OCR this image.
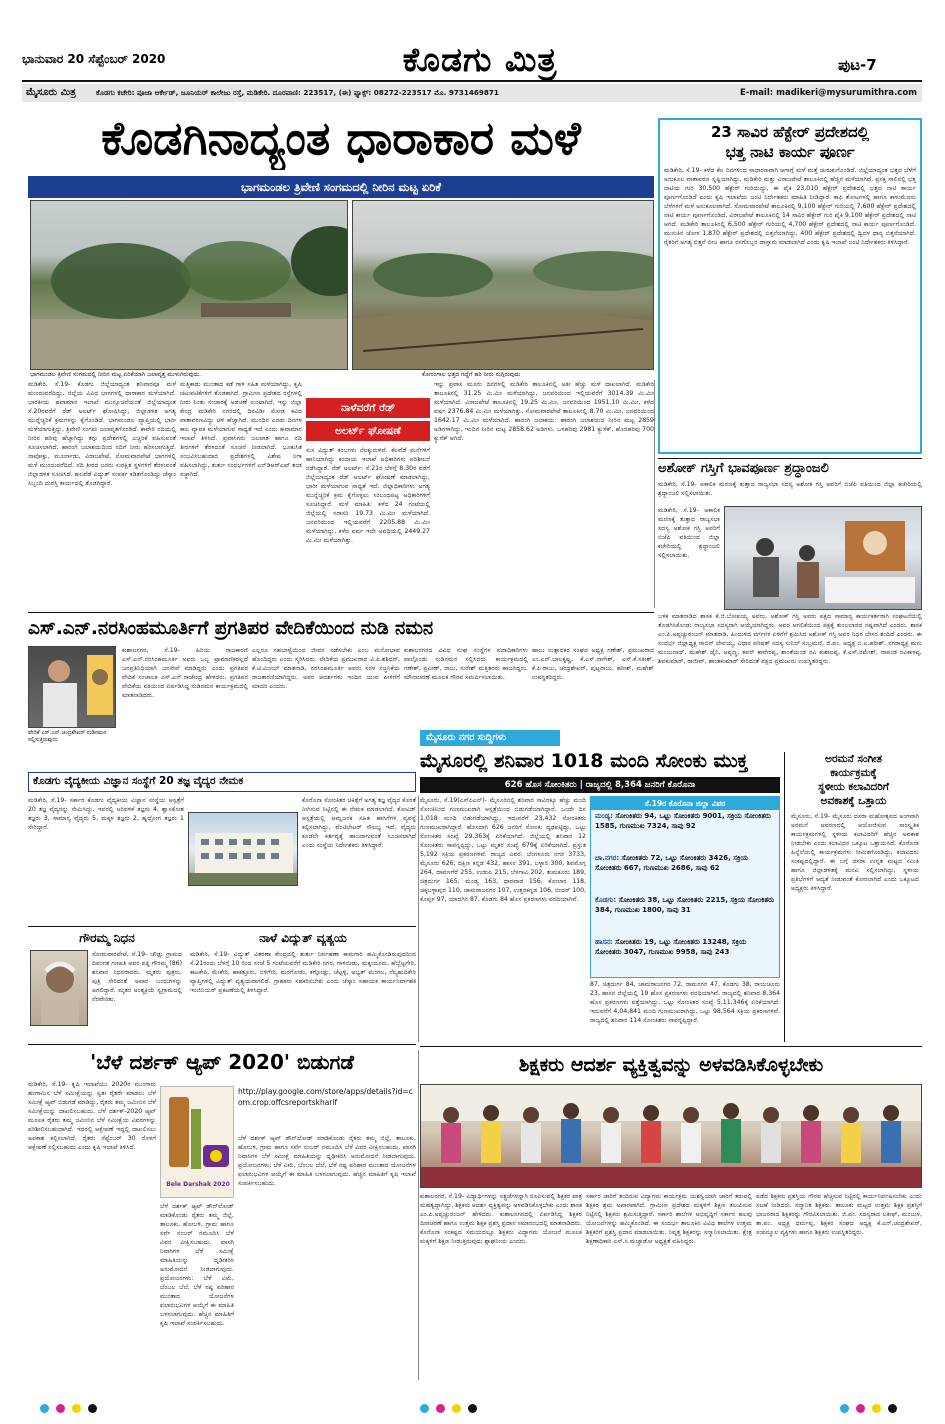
ಭಾನುವಾರ 20 ಸೆಪ್ಟೆಂಬರ್ 2020	ಕೊಡಗು ಮಿತ್ರ	ಪುಟ-7
ಮೈಸೂರು ಮಿತ್ರ	ಕೊಡಗು ಕಚೇರಿ: ಪೂಜಾ ಆರ್ಕೇಡ್, ಜೂನಿಯರ್ ಕಾಲೇಜು ರಸ್ತೆ, ಮಡಿಕೇರಿ. ದೂರವಾಣಿ: 223517, (ಈ) ಫ್ಯಾಕ್ಸ್: 08272-223517 ಮೊ. 9731469871	E-mail: madikeri@mysurumithra.com
ಕೊಡಗಿನಾದ್ಯಂತ ಧಾರಾಕಾರ ಮಳೆ
ಭಾಗಮಂಡಲ ತ್ರಿವೇಣಿ ಸಂಗಮದಲ್ಲಿ ನೀರಿನ ಮಟ್ಟ ಏರಿಕೆ
ಭಾಗಮಂಡಲ ತ್ರಿವೇಣಿ ಸಂಗಮದಲ್ಲಿ ನೀರಿನ ಮಟ್ಟ ಏರಿಕೆಯಾಗಿ ಜಲಾವೃತ್ತ ಮುಳುಗಿರುವುದು.	ಕೋರಂಗಾಲ ಭತ್ತದ ಗದ್ದೆಗೆ ಹರಿ ನೀರು ನುಗ್ಗಿರುವುದು
ಮಡಿಕೇರಿ, ಸೆ.19- ಕೊಡಗು ಜಿಲ್ಲೆಯಾದ್ಯಂತ ಶನಿವಾರವೂ ಮಳೆ ಮುಂದುವರೆದಿದ್ದು, ಜಿಲ್ಲೆಯ ವಿವಿಧ ಭಾಗಗಳಲ್ಲಿ ಧಾರಾಕಾರ ಮಳೆಯಾಗಿದೆ. ಭಾರತೀಯ ಹವಾಮಾನ ಇಲಾಖೆ ಮುನ್ಸೂಚನೆಯಂತೆ ಜಿಲ್ಲೆಯಾದ್ಯಂತ ಸೆ.20ರವರೆಗೆ ರೆಡ್ ಅಲರ್ಟ್ ಘೋಷಿಸಿದ್ದು, ಜಿಲ್ಲಾಡಳಿತ ಅಗತ್ಯ ಮುನ್ನೆಚ್ಚರಿಕೆ ಕ್ರಮಗಳನ್ನು ಕೈಗೊಂಡಿದೆ. ಭಾಗಮಂಡಲ ವ್ಯಾಪ್ತಿಯಲ್ಲಿ ಭಾರೀ ಮಳೆಯಾಗುತ್ತಿದ್ದು, ತ್ರಿವೇಣಿ ಸಂಗಮ ಜಲಾವೃತಗೊಂಡಿದೆ. ಕಾವೇರಿ ನದಿಯಲ್ಲಿ ನೀರಿನ ಹರಿವು ಹೆಚ್ಚಾಗಿದ್ದು ತಗ್ಗು ಪ್ರದೇಶಗಳಲ್ಲಿ ಎಚ್ಚರಿಕೆ ವಹಿಸುವಂತೆ ಸೂಚಿಸಲಾಗಿದೆ. ಹಾರಂಗಿ ಜಲಾಶಯದಿಂದ ನದಿಗೆ ನೀರು ಹರಿಸಲಾಗುತ್ತಿದೆ. ನಾಪೋಕ್ಲು, ಮೂರ್ನಾಡು, ವಿರಾಜಪೇಟೆ, ಸೋಮವಾರಪೇಟೆ ಭಾಗಗಳಲ್ಲಿ ಮಳೆ ಮುಂದುವರೆದಿದೆ. ನದಿ ತೀರದ ಜನರು ಸುರಕ್ಷಿತ ಸ್ಥಳಗಳಿಗೆ ತೆರಳುವಂತೆ ಜಿಲ್ಲಾಡಳಿತ ಸೂಚಿಸಿದೆ. ಹಲವೆಡೆ ವಿದ್ಯುತ್ ಸಂಪರ್ಕ ಕಡಿತಗೊಂಡಿದ್ದು ಚೆಸ್ಕಾಂ ಸಿಬ್ಬಂದಿ ದುರಸ್ತಿ ಕಾರ್ಯದಲ್ಲಿ ತೊಡಗಿದ್ದಾರೆ.
ಮತ್ತಿಕಾಡು ಮುಂತಾದ ಕಡೆ ಗಾಳಿ ಸಹಿತ ಮಳೆಯಾಗಿದ್ದು, ಕೃಷಿ ಚಟುವಟಿಕೆಗಳಿಗೆ ತೊಡಕಾಗಿದೆ. ಗ್ರಾಮೀಣ ಪ್ರದೇಶದ ರಸ್ತೆಗಳಲ್ಲಿ ನೀರು ನಿಂತು ಸಂಚಾರಕ್ಕೆ ಅಡಚಣೆ ಉಂಟಾಗಿದೆ. ಇನ್ನು ಜಿಲ್ಲಾ ಕೇಂದ್ರ ಮಡಿಕೇರಿ ನಗರದಲ್ಲಿ ದಿನವಿಡೀ ಮೋಡ ಕವಿದ ವಾತಾವರಣವಿದ್ದು ಚಳಿ ಹೆಚ್ಚಾಗಿದೆ. ಮುಂದಿನ ಎರಡು ದಿನಗಳ ಕಾಲ ವ್ಯಾಪಕ ಮಳೆಯಾಗುವ ಸಾಧ್ಯತೆ ಇದೆ ಎಂದು ಹವಾಮಾನ ಇಲಾಖೆ ತಿಳಿಸಿದೆ. ಪ್ರವಾಸಿಗರು ಜಲಪಾತ ಹಾಗೂ ನದಿ ತೀರಗಳಿಗೆ ತೆರಳದಂತೆ ಸೂಚನೆ ನೀಡಲಾಗಿದೆ. ಭೂಕುಸಿತ ಸಂಭವಿಸಬಹುದಾದ ಪ್ರದೇಶಗಳಲ್ಲಿ ವಿಶೇಷ ನಿಗಾ ವಹಿಸಲಾಗಿದ್ದು, ತುರ್ತು ಸಂದರ್ಭಗಳಿಗೆ ಎನ್‌ಡಿಆರ್‌ಎಫ್ ತಂಡ ಸಜ್ಜಾಗಿದೆ.
ನಾಳೆವರೆಗೆ ರೆಡ್
ಅಲರ್ಟ್ ಘೋಷಣೆ
ಸುಸ ವಿದ್ಯುತ್ ಕಂಬಗಳು ನೆಲಕ್ಕುರುಳಿವೆ. ಕೆಲವೆಡೆ ಮನೆಗಳಿಗೆ ಹಾನಿಯಾಗಿದ್ದು ಕಂದಾಯ ಇಲಾಖೆ ಅಧಿಕಾರಿಗಳು ಪರಿಶೀಲನೆ ನಡೆಸಿದ್ದಾರೆ. ರೆಡ್ ಅಲರ್ಟ್: ಸೆ.21ರ ಬೆಳಗ್ಗೆ 8.30ರ ವರೆಗೆ ಜಿಲ್ಲೆಯಾದ್ಯಂತ ರೆಡ್ ಅಲರ್ಟ್ ಘೋಷಣೆ ಮಾಡಲಾಗಿದ್ದು, ಭಾರೀ ಮಳೆಯಾಗುವ ಸಾಧ್ಯತೆ ಇದೆ. ಜಿಲ್ಲಾಧಿಕಾರಿಗಳು ಅಗತ್ಯ ಮುನ್ನೆಚ್ಚರಿಕೆ ಕ್ರಮ ಕೈಗೊಳ್ಳಲು ಸಂಬಂಧಪಟ್ಟ ಅಧಿಕಾರಿಗಳಿಗೆ ಸೂಚಿಸಿದ್ದಾರೆ. ಮಳೆ ಮಾಹಿತಿ: ಕಳೆದ 24 ಗಂಟೆಯಲ್ಲಿ ಜಿಲ್ಲೆಯಲ್ಲಿ ಸರಾಸರಿ 19.73 ಮಿ.ಮೀ ಮಳೆಯಾಗಿದೆ. ಜನವರಿಯಿಂದ ಇಲ್ಲಿಯವರೆಗೆ 2205.88 ಮಿ.ಮೀ ಮಳೆಯಾಗಿದ್ದು, ಕಳೆದ ವರ್ಷ ಇದೇ ಅವಧಿಯಲ್ಲಿ 2449.27 ಮಿ.ಮೀ ಮಳೆಯಾಗಿತ್ತು.
ಇನ್ನು ಪ್ರವಾಸ ಮೂರು ದಿನಗಳಲ್ಲಿ ಮಡಿಕೇರಿ ತಾಲೂಕಿನಲ್ಲಿ ಅತೀ ಹೆಚ್ಚು ಮಳೆ ದಾಖಲಾಗಿದೆ. ಮಡಿಕೇರಿ ತಾಲೂಕಿನಲ್ಲಿ 31.25 ಮಿ.ಮೀ ಮಳೆಯಾಗಿದ್ದು, ಜನವರಿಯಿಂದ ಇಲ್ಲಿಯವರೆಗೆ 3014.39 ಮಿ.ಮೀ ಮಳೆಯಾಗಿದೆ. ವಿರಾಜಪೇಟೆ ತಾಲೂಕಿನಲ್ಲಿ 19.25 ಮಿ.ಮೀ, ಜನವರಿಯಿಂದ 1951.10 ಮಿ.ಮೀ, ಕಳೆದ ವರ್ಷ 2376.84 ಮಿ.ಮೀ ಮಳೆಯಾಗಿತ್ತು. ಸೋಮವಾರಪೇಟೆ ತಾಲೂಕಿನಲ್ಲಿ 8.70 ಮಿ.ಮೀ, ಜನವರಿಯಿಂದ 1642.17 ಮಿ.ಮೀ ಮಳೆಯಾಗಿದೆ. ಹಾರಂಗಿ ಜಲಾಶಯ: ಹಾರಂಗಿ ಜಲಾಶಯದ ನೀರಿನ ಮಟ್ಟ 2859 ಅಡಿಗಳಾಗಿದ್ದು, ಇಂದಿನ ನೀರಿನ ಮಟ್ಟ 2858.62 ಅಡಿಗಳು. ಒಳಹರಿವು 2981 ಕ್ಯುಸೆಕ್, ಹೊರಹರಿವು 700 ಕ್ಯುಸೆಕ್ ಆಗಿದೆ.
23 ಸಾವಿರ ಹೆಕ್ಟೇರ್ ಪ್ರದೇಶದಲ್ಲಿ
ಭತ್ತ ನಾಟಿ ಕಾರ್ಯ ಪೂರ್ಣ
ಮಡಿಕೇರಿ, ಸೆ.19- ಕಳೆದ ಕೆಲ ದಿನಗಳಿಂದ ಸಾಧಾರಣವಾಗಿ ಆಗಾಗ್ಗೆ ಮಳೆ ಮತ್ತೆ ಚುರುಕುಗೊಂಡಿದೆ. ಜಿಲ್ಲೆಯಾದ್ಯಂತ ಭತ್ತದ ಬೆಳೆಗೆ ಅನುಕೂಲ ವಾತಾವರಣ ಸೃಷ್ಟಿಯಾಗಿದ್ದು, ಮಡಿಕೇರಿ ಮತ್ತು ವಿರಾಜಪೇಟೆ ತಾಲೂಕಿನಲ್ಲಿ ಹೆಚ್ಚಿನ ಮಳೆಯಾಗಿದೆ. ಪ್ರಸಕ್ತ ಸಾಲಿನಲ್ಲಿ ಭತ್ತ ನಾಟಿಯ ಗುರಿ 30,500 ಹೆಕ್ಟೇರ್ ಗುರಿಯಿದ್ದು, ಈ ಪೈಕಿ 23,010 ಹೆಕ್ಟೇರ್ ಪ್ರದೇಶದಲ್ಲಿ ಭತ್ತದ ನಾಟಿ ಕಾರ್ಯ ಪೂರ್ಣಗೊಂಡಿದೆ ಎಂದು ಕೃಷಿ ಇಲಾಖೆಯ ಜಂಟಿ ನಿರ್ದೇಶಕರು ಮಾಹಿತಿ ನೀಡಿದ್ದಾರೆ. ಕಾಫಿ ತೋಟಗಳಲ್ಲಿ ಹಾಗೂ ಕಾಳುಮೆಣಸು ಬೆಳೆಗಳಿಗೆ ಮಳೆ ಅನುಕೂಲವಾಗಿದೆ. ಸೋಮವಾರಪೇಟೆ ತಾಲೂಕಿನಲ್ಲಿ 9,100 ಹೆಕ್ಟೇರ್ ಗುರಿಯಲ್ಲಿ 7,600 ಹೆಕ್ಟೇರ್ ಪ್ರದೇಶದಲ್ಲಿ ನಾಟಿ ಕಾರ್ಯ ಪೂರ್ಣಗೊಂಡಿದೆ. ವಿರಾಜಪೇಟೆ ತಾಲೂಕಿನಲ್ಲಿ 14 ಸಾವಿರ ಹೆಕ್ಟೇರ್ ಗುರಿ ಪೈಕಿ 9,100 ಹೆಕ್ಟೇರ್ ಪ್ರದೇಶದಲ್ಲಿ ನಾಟಿ ಆಗಿದೆ. ಮಡಿಕೇರಿ ತಾಲೂಕಿನಲ್ಲಿ 6,500 ಹೆಕ್ಟೇರ್ ಗುರಿಯಲ್ಲಿ 4,700 ಹೆಕ್ಟೇರ್ ಪ್ರದೇಶದಲ್ಲಿ ನಾಟಿ ಕಾರ್ಯ ಪೂರ್ಣಗೊಂಡಿದೆ. ಮುಸುಕಿನ ಜೋಳ 1,870 ಹೆಕ್ಟೇರ್ ಪ್ರದೇಶದಲ್ಲಿ ಬಿತ್ತನೆಯಾಗಿದ್ದು, 400 ಹೆಕ್ಟೇರ್ ಪ್ರದೇಶದಲ್ಲಿ ದ್ವಿದಳ ಧಾನ್ಯ ಬಿತ್ತನೆಯಾಗಿದೆ. ರೈತರಿಗೆ ಅಗತ್ಯ ಬಿತ್ತನೆ ಬೀಜ ಹಾಗೂ ರಸಗೊಬ್ಬರ ದಾಸ್ತಾನು ಮಾಡಲಾಗಿದೆ ಎಂದು ಕೃಷಿ ಇಲಾಖೆ ಜಂಟಿ ನಿರ್ದೇಶಕರು ತಿಳಿಸಿದ್ದಾರೆ.
ಅಶೋಕ್ ಗಸ್ತಿಗೆ ಭಾವಪೂರ್ಣ ಶ್ರದ್ಧಾಂಜಲಿ
ಮಡಿಕೇರಿ, ಸೆ.19- ಅಕಾಲಿಕ ಮರಣಕ್ಕೆ ತುತ್ತಾದ ರಾಜ್ಯಸಭಾ ಸದಸ್ಯ ಅಶೋಕ ಗಸ್ತಿ ಅವರಿಗೆ ಬಿಜೆಪಿ ವತಿಯಿಂದ ಜಿಲ್ಲಾ ಕಚೇರಿಯಲ್ಲಿ ಶ್ರದ್ಧಾಂಜಲಿ ಸಲ್ಲಿಸಲಾಯಿತು.
ಮಡಿಕೇರಿ, ಸೆ.19- ಅಕಾಲಿಕ ಮರಣಕ್ಕೆ ತುತ್ತಾದ ರಾಜ್ಯಸಭಾ ಸದಸ್ಯ ಅಶೋಕ ಗಸ್ತಿ ಅವರಿಗೆ ಬಿಜೆಪಿ ವತಿಯಿಂದ ಜಿಲ್ಲಾ ಕಚೇರಿಯಲ್ಲಿ ಶ್ರದ್ಧಾಂಜಲಿ ಸಲ್ಲಿಸಲಾಯಿತು.
ಬಳಿಕ ಮಾತನಾಡಿದ ಶಾಸಕ ಕೆ.ಜಿ.ಬೋಪಯ್ಯ ಅವರು, ಅಶೋಕ್ ಗಸ್ತಿ ಅವರು ಪಕ್ಷದ ಸಾಮಾನ್ಯ ಕಾರ್ಯಕರ್ತರಾಗಿ ಸಂಘಟನೆಯಲ್ಲಿ ತೊಡಗಿಸಿಕೊಂಡು ರಾಜ್ಯಸಭಾ ಸದಸ್ಯರಾಗಿ ಆಯ್ಕೆಯಾಗಿದ್ದರು. ಅವರ ಅಗಲಿಕೆಯಿಂದ ಪಕ್ಷಕ್ಕೆ ತುಂಬಲಾರದ ನಷ್ಟವಾಗಿದೆ ಎಂದರು. ಶಾಸಕ ಎಂ.ಪಿ.ಅಪ್ಪಚ್ಚುರಂಜನ್ ಮಾತನಾಡಿ, ಹಿಂದುಳಿದ ವರ್ಗಗಳ ಏಳಿಗೆಗೆ ಶ್ರಮಿಸಿದ ಅಶೋಕ್ ಗಸ್ತಿ ಅವರ ನಿಧನ ಬೇಸರ ತಂದಿದೆ ಎಂದರು. ಈ ಸಂದರ್ಭ ಜಿಲ್ಲಾಧ್ಯಕ್ಷ ರಾಬಿನ್ ದೇವಯ್ಯ, ವಿಧಾನ ಪರಿಷತ್ ಸದಸ್ಯ ಸುನಿಲ್ ಸುಬ್ರಮಣಿ, ಜಿ.ಪಂ. ಅಧ್ಯಕ್ಷ ಬಿ.ಎ.ಹರೀಶ್, ನಗರಾಧ್ಯಕ್ಷ ಮನು ಮಂಜುನಾಥ್, ಮಹೇಶ್ ಜೈನಿ, ಅಪ್ಪಣ್ಣ, ಕವನ್ ಕಾವೇರಪ್ಪ, ಶಾಂತೆಯಂಡ ರವಿ ಕುಶಾಲಪ್ಪ, ಕೆ.ಎಸ್.ರಮೇಶ್, ನಾಪಂಡ ರವಿಕಾಳಪ್ಪ, ಶಿವಕುಮಾರ್, ರಾಜೀವ್, ಶಾಂತಕುಮಾರ್ ಸೇರಿದಂತೆ ಪಕ್ಷದ ಪ್ರಮುಖರು ಉಪಸ್ಥಿತರಿದ್ದರು.
ಎಸ್.ಎನ್.ನರಸಿಂಹಮೂರ್ತಿಗೆ ಪ್ರಗತಿಪರ ವೇದಿಕೆಯಿಂದ ನುಡಿ ನಮನ
ವೇದಿಕೆ ಎಸ್.ಎನ್.ಚಂದ್ರಶೇಖರ್ ನುಡಿನಮನ ಸಲ್ಲಿಸುತ್ತಿರುವುದು
ಕುಶಾಲನಗರ, ಸೆ.19- ಹಿರಿಯ ರಾಜಕಾರಣಿ ಎಸ್.ಎನ್.ನರಸಿಂಹಮೂರ್ತಿ ಅವರು ಒಬ್ಬ ಪ್ರಾಮಾಣಿಕರಲ್ಲದೆ ಜನಪ್ರತಿನಿಧಿಯಾಗಿ ಜನಸೇವೆ ಮಾಡಿದ್ದರು ಎಂದು ಪ್ರಗತಿಪರ ವೇದಿಕೆ ಸಂಚಾಲಕ ಎಸ್.ಎನ್.ರಾಜೇಂದ್ರ ಹೇಳಿದರು. ಪ್ರಗತಿಪರ ವೇದಿಕೆಯ ವತಿಯಿಂದ ಏರ್ಪಡಿಸಿದ್ದ ನುಡಿನಮನ ಕಾರ್ಯಕ್ರಮದಲ್ಲಿ ಮಾತನಾಡಿದರು.
ಎಲ್ಲರೂ ಸಹಬಾಳ್ವೆಯಿಂದ ಜೀವನ ನಡೆಸಬೇಕು ಎಂಬ ಮನೋಭಾವ ಹೊಂದಿದ್ದರು ಎಂದು ಸ್ಮರಿಸಿದರು. ವೇದಿಕೆಯ ಪ್ರಮುಖರಾದ ವಿ.ಪಿ.ಶಶಿಧರ್, ಕೆ.ಟಿ.ವಿಜಯ್ ಮಾತನಾಡಿ, ನರಸಿಂಹಮೂರ್ತಿ ಅವರು ಸರಳ ಸಜ್ಜನಿಕೆಯ ರಾಜಕಾರಣಿಯಾಗಿದ್ದರು. ಅವರ ಆದರ್ಶಗಳು ಇಂದಿನ ಯುವ ಪೀಳಿಗೆಗೆ ಮಾದರಿ ಎಂದರು.
ಕುಶಾಲನಗರದ ವಿವಿಧ ಸಂಘ ಸಂಸ್ಥೆಗಳ ಪದಾಧಿಕಾರಿಗಳು ಪಾಲ್ಗೊಂಡು ನುಡಿನಮನ ಸಲ್ಲಿಸಿದರು. ಕಾರ್ಯಕ್ರಮದಲ್ಲಿ ಗಣೇಶ್, ಪ್ರವೀಣ್, ರಾಜು, ಸುರೇಶ್ ಮತ್ತಿತರರು ಹಾಜರಿದ್ದರು. ಮೌನಾಚರಣೆ ಮೂಲಕ ಗೌರವ ಸಮರ್ಪಿಸಲಾಯಿತು.
ಹಾಲು ಉತ್ಪಾದಕರ ಸಂಘದ ಅಧ್ಯಕ್ಷ ಗಣೇಶ್, ಪ್ರಮುಖರಾದ ಎಂ.ಎನ್.ಬಾಲಕೃಷ್ಣ, ಕೆ.ಎಸ್.ನಾಗೇಶ್, ಎಸ್.ಕೆ.ಸತೀಶ್, ಕೆ.ಪಿ.ರಾಜು, ಚಂದ್ರಶೇಖರ್, ಪುಟ್ಟರಾಜು, ಹರೀಶ್, ಮಹೇಶ್ ಉಪಸ್ಥಿತರಿದ್ದರು.
ಮೈಸೂರು ನಗರ ಸುದ್ದಿಗಳು
ಮೈಸೂರಲ್ಲಿ ಶನಿವಾರ 1018 ಮಂದಿ ಸೋಂಕು ಮುಕ್ತ
626 ಹೊಸ ಸೋಂಕಿತರು | ರಾಜ್ಯದಲ್ಲಿ 8,364 ಜನರಿಗೆ ಕೊರೊನಾ
ಮೈಸೂರು, ಸೆ.19(ಎಸ್‌ಪಿಎನ್)- ಮೈಸೂರಿನಲ್ಲಿ ಶನಿವಾರ ಸಾವಿರಕ್ಕೂ ಹೆಚ್ಚು ಮಂದಿ ಸೋಂಕಿನಿಂದ ಗುಣಮುಖರಾಗಿ ಆಸ್ಪತ್ರೆಯಿಂದ ಬಿಡುಗಡೆಯಾಗಿದ್ದಾರೆ. ಒಂದೇ ದಿನ 1,018 ಮಂದಿ ಬಿಡುಗಡೆಯಾಗಿದ್ದು, ಇದುವರೆಗೆ 23,432 ಸೋಂಕಿತರು ಗುಣಮುಖರಾಗಿದ್ದಾರೆ. ಹೊಸದಾಗಿ 626 ಜನರಿಗೆ ಸೋಂಕು ದೃಢಪಟ್ಟಿದ್ದು, ಒಟ್ಟು ಸೋಂಕಿತರ ಸಂಖ್ಯೆ 29,363ಕ್ಕೆ ಏರಿಕೆಯಾಗಿದೆ. ಜಿಲ್ಲೆಯಲ್ಲಿ ಶನಿವಾರ 12 ಸೋಂಕಿತರು ಸಾವನ್ನಪ್ಪಿದ್ದು, ಒಟ್ಟು ಮೃತರ ಸಂಖ್ಯೆ 679ಕ್ಕೆ ಏರಿಕೆಯಾಗಿದೆ. ಪ್ರಸ್ತುತ 5,192 ಸಕ್ರಿಯ ಪ್ರಕರಣಗಳಿವೆ. ರಾಜ್ಯದ ವಿವರ: ಬೆಂಗಳೂರು ನಗರ 3733, ಮೈಸೂರು 626, ದಕ್ಷಿಣ ಕನ್ನಡ 432, ಹಾಸನ 391, ಬಳ್ಳಾರಿ 300, ಶಿವಮೊಗ್ಗ 264, ದಾವಣಗೆರೆ 255, ಉಡುಪಿ 215, ಬೆಳಗಾವಿ 202, ತುಮಕೂರು 189, ಚಿತ್ರದುರ್ಗ 165, ಮಂಡ್ಯ 163, ಧಾರವಾಡ 156, ಕೋಲಾರ 118, ಚಿಕ್ಕಬಳ್ಳಾಪುರ 110, ಚಾಮರಾಜನಗರ 107, ಉತ್ತರಕನ್ನಡ 106, ಬೀದರ್ 100, ಕೊಪ್ಪಳ 97, ಯಾದಗಿರಿ 87, ಕೊಡಗು 84 ಹೊಸ ಪ್ರಕರಣಗಳು ವರದಿಯಾಗಿವೆ.
ಸೆ.19ರ ಕೊರೊನಾ ಜಿಲ್ಲಾ ವಿವರ
ಮಂಡ್ಯ: ಸೋಂಕಿತರು 94, ಒಟ್ಟು ಸೋಂಕಿತರು 9001, ಸಕ್ರಿಯ ಸೋಂಕಿತರು 1585, ಗುಣಮುಖ 7324, ಸಾವು 92
ಚಾ.ನಗರ: ಸೋಂಕಿತರು 72, ಒಟ್ಟು ಸೋಂಕಿತರು 3426, ಸಕ್ರಿಯ ಸೋಂಕಿತರು 667, ಗುಣಮುಖ 2686, ಸಾವು 62
ಕೊಡಗು: ಸೋಂಕಿತರು 38, ಒಟ್ಟು ಸೋಂಕಿತರು 2215, ಸಕ್ರಿಯ ಸೋಂಕಿತರು 384, ಗುಣಮುಖ 1800, ಸಾವು 31
ಹಾಸನ: ಸೋಂಕಿತರು 19, ಒಟ್ಟು ಸೋಂಕಿತರು 13248, ಸಕ್ರಿಯ ಸೋಂಕಿತರು 3047, ಗುಣಮುಖ 9958, ಸಾವು 243
87, ಚಿತ್ರದುರ್ಗ 84, ಚಾಮರಾಜನಗರ 72, ರಾಮನಗರ 47, ಕೊಡಗು 38, ರಾಯಚೂರು 23, ಹಾಸನ ಜಿಲ್ಲೆಯಲ್ಲಿ 19 ಹೊಸ ಪ್ರಕರಣಗಳು ವರದಿಯಾಗಿವೆ. ರಾಜ್ಯದಲ್ಲಿ ಶನಿವಾರ 8,364 ಹೊಸ ಪ್ರಕರಣಗಳು ಪತ್ತೆಯಾಗಿದ್ದು, ಒಟ್ಟು ಸೋಂಕಿತರ ಸಂಖ್ಯೆ 5,11,346ಕ್ಕೆ ಏರಿಕೆಯಾಗಿದೆ. ಇದುವರೆಗೆ 4,04,841 ಮಂದಿ ಗುಣಮುಖರಾಗಿದ್ದು, ಒಟ್ಟು 98,564 ಸಕ್ರಿಯ ಪ್ರಕರಣಗಳಿವೆ. ರಾಜ್ಯದಲ್ಲಿ ಶನಿವಾರ 114 ಸೋಂಕಿತರು ಸಾವನ್ನಪ್ಪಿದ್ದಾರೆ.
ಅರಮನೆ ಸಂಗೀತ
ಕಾರ್ಯಕ್ರಮಕ್ಕೆ
ಸ್ಥಳೀಯ ಕಲಾವಿದರಿಗೆ
ಅವಕಾಶಕ್ಕೆ ಒತ್ತಾಯ
ಮೈಸೂರು, ಸೆ.19- ಮೈಸೂರು ದಸರಾ ಮಹೋತ್ಸವದ ಅಂಗವಾಗಿ ಅರಮನೆ ಆವರಣದಲ್ಲಿ ಆಯೋಜಿಸುವ ಸಾಂಸ್ಕೃತಿಕ ಕಾರ್ಯಕ್ರಮಗಳಲ್ಲಿ ಸ್ಥಳೀಯ ಕಲಾವಿದರಿಗೆ ಹೆಚ್ಚಿನ ಅವಕಾಶ ನೀಡಬೇಕು ಎಂದು ಕಲಾವಿದರ ಒಕ್ಕೂಟ ಒತ್ತಾಯಿಸಿದೆ. ಕೊರೊನಾ ಹಿನ್ನೆಲೆಯಲ್ಲಿ ಕಾರ್ಯಕ್ರಮಗಳು ಸೀಮಿತಗೊಂಡಿದ್ದು, ಕಲಾವಿದರು ಸಂಕಷ್ಟದಲ್ಲಿದ್ದಾರೆ. ಈ ಬಗ್ಗೆ ದಸರಾ ಉನ್ನತ ಮಟ್ಟದ ಸಮಿತಿ ಹಾಗೂ ಜಿಲ್ಲಾಡಳಿತಕ್ಕೆ ಮನವಿ ಸಲ್ಲಿಸಲಾಗಿದ್ದು, ಸ್ಥಳೀಯ ಪ್ರತಿಭೆಗಳಿಗೆ ಆದ್ಯತೆ ನೀಡುವಂತೆ ಕೋರಲಾಗಿದೆ ಎಂದು ಒಕ್ಕೂಟದ ಅಧ್ಯಕ್ಷರು ತಿಳಿಸಿದ್ದಾರೆ.
ಕೊಡಗು ವೈದ್ಯಕೀಯ ವಿಜ್ಞಾನ ಸಂಸ್ಥೆಗೆ 20 ತಜ್ಞ ವೈದ್ಯರ ನೇಮಕ
ಮಡಿಕೇರಿ, ಸೆ.19- ಸರ್ಕಾರ ಕೊಡಗು ವೈದ್ಯಕೀಯ ವಿಜ್ಞಾನ ಸಂಸ್ಥೆಯ ಆಸ್ಪತ್ರೆಗೆ 20 ತಜ್ಞ ವೈದ್ಯರನ್ನು ನೇಮಿಸಿದ್ದು, ಇವರಲ್ಲಿ ಅರಿವಳಿಕೆ ತಜ್ಞರು 4, ಶ್ವಾಸಕೋಶ ತಜ್ಞರು 3, ಸಾಮಾನ್ಯ ವೈದ್ಯರು 5, ಮಕ್ಕಳ ತಜ್ಞರು 2, ಹೃದ್ರೋಗ ತಜ್ಞರು 1 ಸೇರಿದ್ದಾರೆ.
ಕೊರೊನಾ ಸೋಂಕಿತರ ಚಿಕಿತ್ಸೆಗೆ ಅಗತ್ಯ ತಜ್ಞ ವೈದ್ಯರ ಕೊರತೆ ನೀಗಿಸುವ ನಿಟ್ಟಿನಲ್ಲಿ ಈ ನೇಮಕ ಮಾಡಲಾಗಿದೆ. ಕೋವಿಡ್ ಆಸ್ಪತ್ರೆಯಲ್ಲಿ ಆಮ್ಲಜನಕ ಸಹಿತ ಹಾಸಿಗೆಗಳ ವ್ಯವಸ್ಥೆ ಕಲ್ಪಿಸಲಾಗಿದ್ದು, ವೆಂಟಿಲೇಟರ್ ಸೌಲಭ್ಯ ಇದೆ. ವೈದ್ಯರು ಕೂಡಲೇ ಕರ್ತವ್ಯಕ್ಕೆ ಹಾಜರಾಗುವಂತೆ ಸೂಚಿಸಲಾಗಿದೆ ಎಂದು ಸಂಸ್ಥೆಯ ನಿರ್ದೇಶಕರು ತಿಳಿಸಿದ್ದಾರೆ.
ಗೌರಮ್ಮ ನಿಧನ
ಸೋಮವಾರಪೇಟೆ, ಸೆ.19- ಚೌಡ್ಲು ಗ್ರಾಮದ ದಿವಂಗತ ಗಣಪತಿ ಅವರ ಪತ್ನಿ ಗೌರಮ್ಮ (86) ಶನಿವಾರ ನಿಧನರಾದರು. ಮೃತರು ಪುತ್ರರು, ಪುತ್ರಿ ಸೇರಿದಂತೆ ಅಪಾರ ಬಂಧುಗಳನ್ನು ಅಗಲಿದ್ದಾರೆ. ಮೃತರ ಅಂತ್ಯಕ್ರಿಯೆ ಸ್ವಗ್ರಾಮದಲ್ಲಿ ನೆರವೇರಿತು.
ನಾಳೆ ವಿದ್ಯುತ್ ವ್ಯತ್ಯಯ
ಮಡಿಕೇರಿ, ಸೆ.19- ವಿದ್ಯುತ್ ವಿತರಣಾ ಕೇಂದ್ರದಲ್ಲಿ ತುರ್ತು ನಿರ್ವಹಣಾ ಕಾಮಗಾರಿ ಹಮ್ಮಿಕೊಂಡಿರುವುದರಿಂದ ಸೆ.21ರಂದು ಬೆಳಗ್ಗೆ 10 ರಿಂದ ಸಂಜೆ 5 ಗಂಟೆಯವರೆಗೆ ಮಡಿಕೇರಿ ನಗರ, ಗಾಳಿಬೀಡು, ಮಕ್ಕಂದೂರು, ಹೆಬ್ಬೆಟ್ಟಗೇರಿ, ಕಾಟಕೇರಿ, ಮೇಕೇರಿ, ಹಾಕತ್ತೂರು, ಬಿಳಿಗೇರಿ, ಮರಗೋಡು, ಕಗ್ಗೋಡ್ಲು, ಚೆಟ್ಟಳ್ಳಿ, ಅಭ್ಯತ್ ಮಂಗಲ, ನೆಲ್ಯಹುದಿಕೇರಿ ವ್ಯಾಪ್ತಿಗಳಲ್ಲಿ ವಿದ್ಯುತ್ ವ್ಯತ್ಯಯವಾಗಲಿದೆ. ಗ್ರಾಹಕರು ಸಹಕರಿಸಬೇಕು ಎಂದು ಚೆಸ್ಕಾಂ ಸಹಾಯಕ ಕಾರ್ಯನಿರ್ವಾಹಕ ಇಂಜಿನಿಯರ್ ಪ್ರಕಟಣೆಯಲ್ಲಿ ತಿಳಿಸಿದ್ದಾರೆ.
'ಬೆಳೆ ದರ್ಶಕ್ ಆ್ಯಪ್ 2020' ಬಿಡುಗಡೆ
ಮಡಿಕೇರಿ, ಸೆ.19- ಕೃಷಿ ಇಲಾಖೆಯು 2020ರ ಮುಂಗಾರು ಹಂಗಾಮಿನ ಬೆಳೆ ಸಮೀಕ್ಷೆಯನ್ನು ಸ್ವತಃ ರೈತರೇ ಮಾಡಲು ಬೆಳೆ ಸಮೀಕ್ಷೆ ಆ್ಯಪ್ ಬಿಡುಗಡೆ ಮಾಡಿದ್ದು, ರೈತರು ತಮ್ಮ ಜಮೀನಿನ ಬೆಳೆ ಸಮೀಕ್ಷೆಯನ್ನು ದಾಖಲಿಸಬಹುದು. ಬೆಳೆ ದರ್ಶಕ್-2020 ಆ್ಯಪ್ ಮೂಲಕ ರೈತರು ತಮ್ಮ ಜಮೀನಿನ ಬೆಳೆ ಸಮೀಕ್ಷೆಯ ವಿವರಗಳನ್ನು ಪರಿಶೀಲಿಸಬಹುದಾಗಿದೆ. ಇದರಲ್ಲಿ ಆಕ್ಷೇಪಣೆ ಇದ್ದಲ್ಲಿ ದಾಖಲಿಸಲು ಅವಕಾಶ ಕಲ್ಪಿಸಲಾಗಿದೆ. ರೈತರು ಸೆಪ್ಟೆಂಬರ್ 30 ರೊಳಗೆ ಆಕ್ಷೇಪಣೆ ಸಲ್ಲಿಸಬಹುದು ಎಂದು ಕೃಷಿ ಇಲಾಖೆ ತಿಳಿಸಿದೆ.
Bele Darshak 2020
http://play.google.com/store/apps/details?id=com.crop.offcsreportskharif
ಬೆಳೆ ದರ್ಶಕ್ ಆ್ಯಪ್ ಡೌನ್‌ಲೋಡ್ ಮಾಡಿಕೊಂಡು ರೈತರು ತಮ್ಮ ಜಿಲ್ಲೆ, ತಾಲೂಕು, ಹೋಬಳಿ, ಗ್ರಾಮ ಹಾಗೂ ಸರ್ವೆ ನಂಬರ್ ನಮೂದಿಸಿ ಬೆಳೆ ವಿವರ ವೀಕ್ಷಿಸಬಹುದು. ಖಾಸಗಿ ನಿವಾಸಿಗಳ ಬೆಳೆ ಸಮೀಕ್ಷೆ ಮಾಹಿತಿಯನ್ನು ದೃಢೀಕರಿಸಿ ಅನುಮೋದನೆ ನೀಡಲಾಗುವುದು. ಪ್ರಯೋಜನಗಳು: ಬೆಳೆ ವಿಮೆ, ಬೆಂಬಲ ಬೆಲೆ, ಬೆಳೆ ನಷ್ಟ ಪರಿಹಾರ ಮುಂತಾದ ಯೋಜನೆಗಳ ಫಲಾನುಭವಿಗಳ ಆಯ್ಕೆಗೆ ಈ ಮಾಹಿತಿ ಬಳಸಲಾಗುವುದು. ಹೆಚ್ಚಿನ ಮಾಹಿತಿಗೆ ಕೃಷಿ ಇಲಾಖೆ ಸಂಪರ್ಕಿಸಬಹುದು.
ಬೆಳೆ ದರ್ಶಕ್ ಆ್ಯಪ್ ಡೌನ್‌ಲೋಡ್ ಮಾಡಿಕೊಂಡು ರೈತರು ತಮ್ಮ ಜಿಲ್ಲೆ, ತಾಲೂಕು, ಹೋಬಳಿ, ಗ್ರಾಮ ಹಾಗೂ ಸರ್ವೆ ನಂಬರ್ ನಮೂದಿಸಿ ಬೆಳೆ ವಿವರ ವೀಕ್ಷಿಸಬಹುದು. ಖಾಸಗಿ ನಿವಾಸಿಗಳ ಬೆಳೆ ಸಮೀಕ್ಷೆ ಮಾಹಿತಿಯನ್ನು ದೃಢೀಕರಿಸಿ ಅನುಮೋದನೆ ನೀಡಲಾಗುವುದು. ಪ್ರಯೋಜನಗಳು: ಬೆಳೆ ವಿಮೆ, ಬೆಂಬಲ ಬೆಲೆ, ಬೆಳೆ ನಷ್ಟ ಪರಿಹಾರ ಮುಂತಾದ ಯೋಜನೆಗಳ ಫಲಾನುಭವಿಗಳ ಆಯ್ಕೆಗೆ ಈ ಮಾಹಿತಿ ಬಳಸಲಾಗುವುದು. ಹೆಚ್ಚಿನ ಮಾಹಿತಿಗೆ ಕೃಷಿ ಇಲಾಖೆ ಸಂಪರ್ಕಿಸಬಹುದು.
ಶಿಕ್ಷಕರು ಆದರ್ಶ ವ್ಯಕ್ತಿತ್ವವನ್ನು ಅಳವಡಿಸಿಕೊಳ್ಳಬೇಕು
ಕುಶಾಲನಗರ, ಸೆ.19- ವಿದ್ಯಾರ್ಥಿಗಳನ್ನು ಸತ್ಪ್ರಜೆಗಳನ್ನಾಗಿ ರೂಪಿಸುವಲ್ಲಿ ಶಿಕ್ಷಕರ ಪಾತ್ರ ಮಹತ್ವದ್ದಾಗಿದ್ದು, ಶಿಕ್ಷಕರು ಆದರ್ಶ ವ್ಯಕ್ತಿತ್ವವನ್ನು ಅಳವಡಿಸಿಕೊಳ್ಳಬೇಕು ಎಂದು ಶಾಸಕ ಎಂ.ಪಿ.ಅಪ್ಪಚ್ಚುರಂಜನ್ ಹೇಳಿದರು. ಕುಶಾಲನಗರದಲ್ಲಿ ಏರ್ಪಡಿಸಿದ್ದ ಶಿಕ್ಷಕರ ದಿನಾಚರಣೆ ಹಾಗೂ ಉತ್ತಮ ಶಿಕ್ಷಕ ಪ್ರಶಸ್ತಿ ಪ್ರದಾನ ಸಮಾರಂಭದಲ್ಲಿ ಮಾತನಾಡಿದರು. ಕೊರೊನಾ ಸಂಕಷ್ಟದ ಸಮಯದಲ್ಲೂ ಶಿಕ್ಷಕರು ವಿದ್ಯಾಗಮ ಯೋಜನೆ ಮೂಲಕ ಮಕ್ಕಳಿಗೆ ಶಿಕ್ಷಣ ನೀಡುತ್ತಿರುವುದು ಶ್ಲಾಘನೀಯ ಎಂದರು.
ಸರ್ಕಾರ ಜಾರಿಗೆ ತಂದಿರುವ ವಿದ್ಯಾಗಮ ಕಾರ್ಯಕ್ರಮ ಯಶಸ್ವಿಯಾಗಿ ಜಾರಿಗೆ ತರುವಲ್ಲಿ ಶಿಕ್ಷಕರ ಶ್ರಮ ಅಪಾರವಾಗಿದೆ. ಗ್ರಾಮೀಣ ಪ್ರದೇಶದ ಮಕ್ಕಳಿಗೆ ಶಿಕ್ಷಣ ತಲುಪಿಸುವ ನಿಟ್ಟಿನಲ್ಲಿ ಶಿಕ್ಷಕರು ಶ್ರಮಿಸುತ್ತಿದ್ದಾರೆ. ಸರ್ಕಾರಿ ಶಾಲೆಗಳ ಅಭಿವೃದ್ಧಿಗೆ ಸರ್ಕಾರ ಹಲವು ಯೋಜನೆಗಳನ್ನು ಹಮ್ಮಿಕೊಂಡಿದೆ. ಈ ಸಂದರ್ಭ ತಾಲೂಕಿನ ವಿವಿಧ ಶಾಲೆಗಳ ಉತ್ತಮ ಶಿಕ್ಷಕರಿಗೆ ಪ್ರಶಸ್ತಿ ಪ್ರದಾನ ಮಾಡಲಾಯಿತು. ನಿವೃತ್ತ ಶಿಕ್ಷಕರನ್ನು ಸನ್ಮಾನಿಸಲಾಯಿತು. ಕ್ಷೇತ್ರ ಶಿಕ್ಷಣಾಧಿಕಾರಿ ಎಸ್.ಸಿ.ಮಚ್ಚಾಡೋ ಅಧ್ಯಕ್ಷತೆ ವಹಿಸಿದ್ದರು.
ಪಡೆದ ಶಿಕ್ಷಕರು ಪ್ರಶಸ್ತಿಯ ಗೌರವ ಹೆಚ್ಚಿಸುವ ನಿಟ್ಟಿನಲ್ಲಿ ಕಾರ್ಯನಿರ್ವಹಿಸಬೇಕು ಎಂದು ಸಲಹೆ ನೀಡಿದರು. ಸನ್ಮಾನಿತ ಶಿಕ್ಷಕರು: ತಾಲೂಕು ಮಟ್ಟದ ಉತ್ತಮ ಶಿಕ್ಷಕ ಪ್ರಶಸ್ತಿಗೆ ಭಾಜನರಾದ ಶಿಕ್ಷಕರನ್ನು ಗೌರವಿಸಲಾಯಿತು. ಜಿ.ಪಂ. ಸದಸ್ಯರಾದ ಲತೀಫ್, ಮಂಜುಳ, ತಾ.ಪಂ. ಅಧ್ಯಕ್ಷ ಧರ್ಮಪ್ಪ, ಶಿಕ್ಷಕರ ಸಂಘದ ಅಧ್ಯಕ್ಷ ಕೆ.ಎನ್.ಚಂದ್ರಶೇಖರ್, ಸಂಪನ್ಮೂಲ ವ್ಯಕ್ತಿಗಳು ಹಾಗೂ ಶಿಕ್ಷಕರು ಉಪಸ್ಥಿತರಿದ್ದರು.
